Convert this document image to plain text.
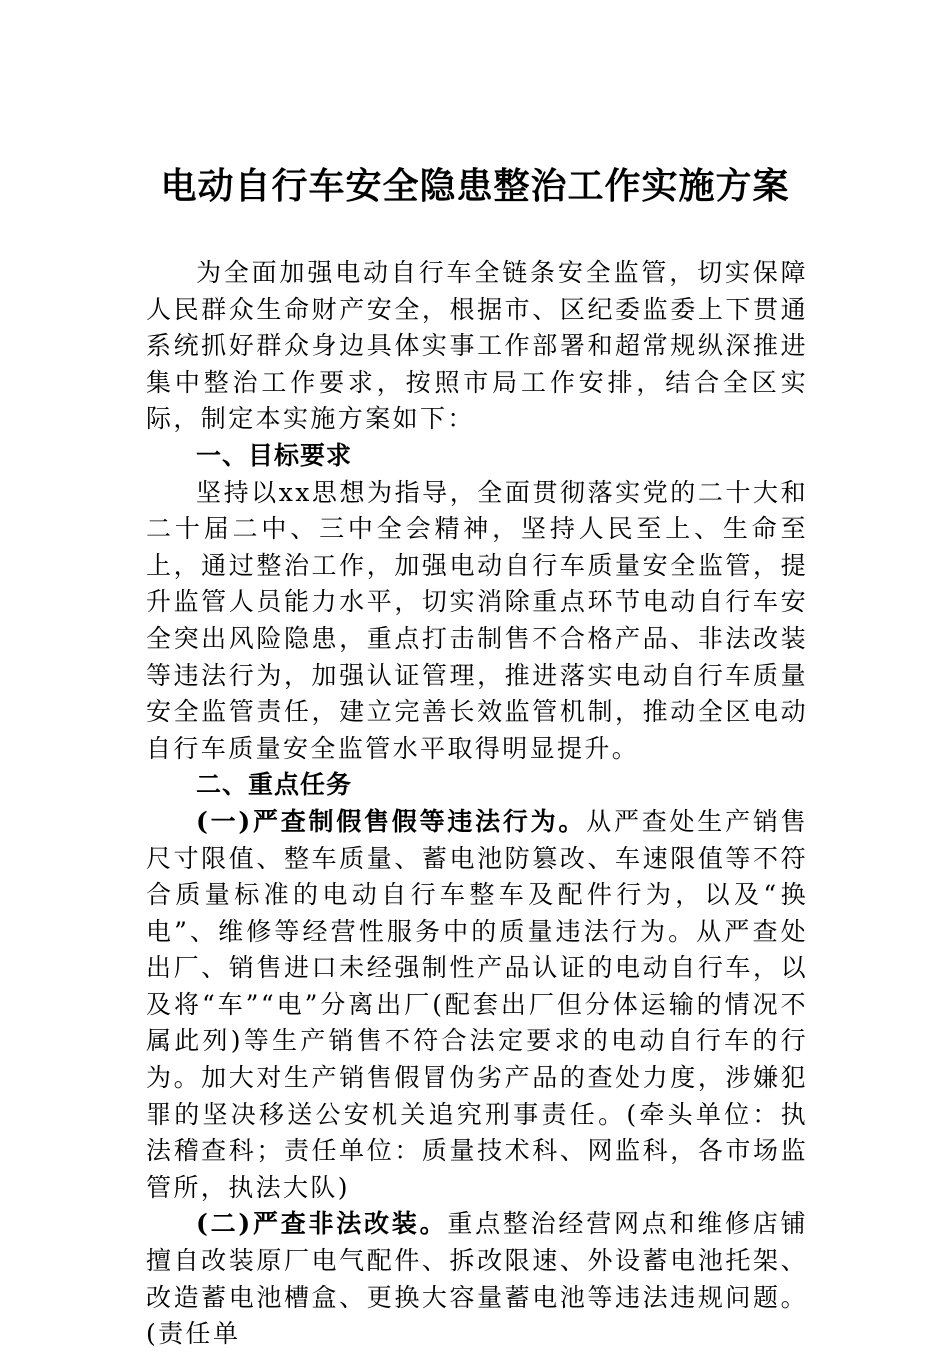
电动自行车安全隐患整治工作实施方案

为全面加强电动自行车全链条安全监管，切实保障人民群众生命财产安全，根据市、区纪委监委上下贯通系统抓好群众身边具体实事工作部署和超常规纵深推进集中整治工作要求，按照市局工作安排，结合全区实际，制定本实施方案如下：

一、目标要求

坚持以xx思想为指导，全面贯彻落实党的二十大和二十届二中、三中全会精神，坚持人民至上、生命至上，通过整治工作，加强电动自行车质量安全监管，提升监管人员能力水平，切实消除重点环节电动自行车安全突出风险隐患，重点打击制售不合格产品、非法改装等违法行为，加强认证管理，推进落实电动自行车质量安全监管责任，建立完善长效监管机制，推动全区电动自行车质量安全监管水平取得明显提升。

二、重点任务

(一)严查制假售假等违法行为。从严查处生产销售尺寸限值、整车质量、蓄电池防篡改、车速限值等不符合质量标准的电动自行车整车及配件行为，以及“换电”、维修等经营性服务中的质量违法行为。从严查处出厂、销售进口未经强制性产品认证的电动自行车，以及将“车”“电”分离出厂(配套出厂但分体运输的情况不属此列)等生产销售不符合法定要求的电动自行车的行为。加大对生产销售假冒伪劣产品的查处力度，涉嫌犯罪的坚决移送公安机关追究刑事责任。(牵头单位：执法稽查科；责任单位：质量技术科、网监科，各市场监管所，执法大队)

(二)严查非法改装。重点整治经营网点和维修店铺擅自改装原厂电气配件、拆改限速、外设蓄电池托架、改造蓄电池槽盒、更换大容量蓄电池等违法违规问题。(责任单
